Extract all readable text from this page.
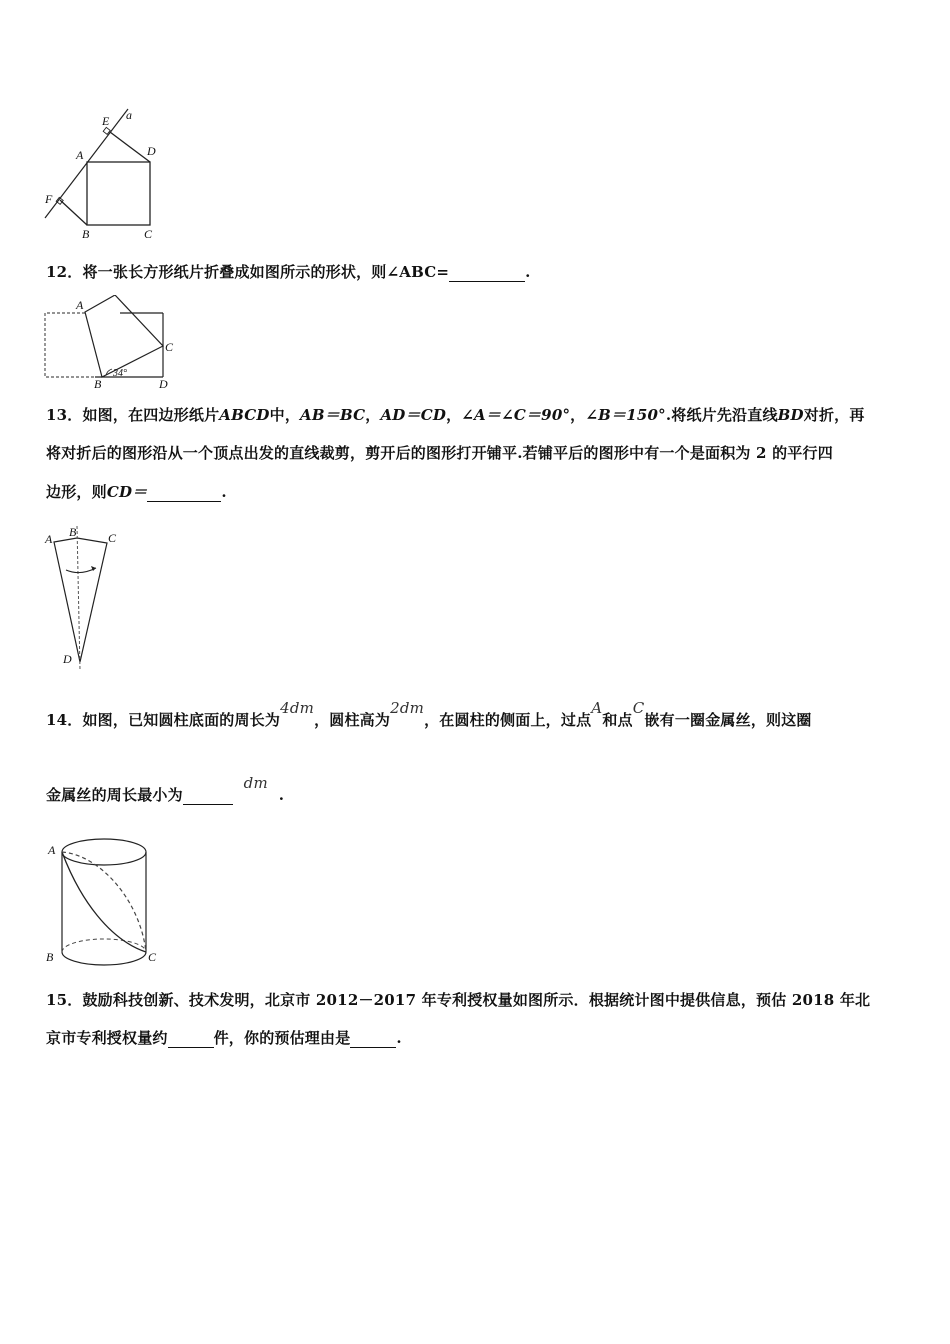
E a
A	D
F
B	C
12．将一张长方形纸片折叠成如图所示的形状，则∠ABC=	.
A
C
B	D
34°
13．如图，在四边形纸片ABCD中，AB＝BC，AD＝CD，∠A＝∠C＝90°，∠B＝150°.将纸片先沿直线BD对折，再
将对折后的图形沿从一个顶点出发的直线裁剪，剪开后的图形打开铺平.若铺平后的图形中有一个是面积为 2 的平行四
边形，则CD＝	.
A B	C
D
14．如图，已知圆柱底面的周长为4dm，圆柱高为2dm，在圆柱的侧面上，过点A和点C嵌有一圈金属丝，则这圈
金属丝的周长最小为   dm  .
A
B	C
15．鼓励科技创新、技术发明，北京市 2012－2017 年专利授权量如图所示．根据统计图中提供信息，预估 2018 年北
京市专利授权量约	件，你的预估理由是	.
